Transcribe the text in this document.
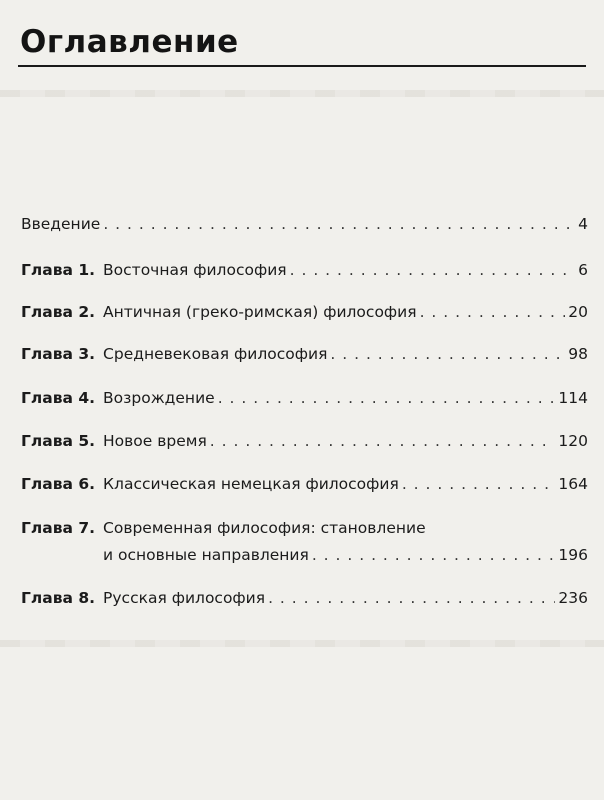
Оглавление
Введение . . .	4
Глава 1. Восточная философия . . .	6
Глава 2. Античная (греко-римская) философия . . .	20
Глава 3. Средневековая философия . . .	98
Глава 4. Возрождение . . .	114
Глава 5. Новое время . . .	120
Глава 6. Классическая немецкая философия . . .	164
Глава 7. Современная философия: становление
и основные направления . . .	196
Глава 8. Русская философия . . .	236
